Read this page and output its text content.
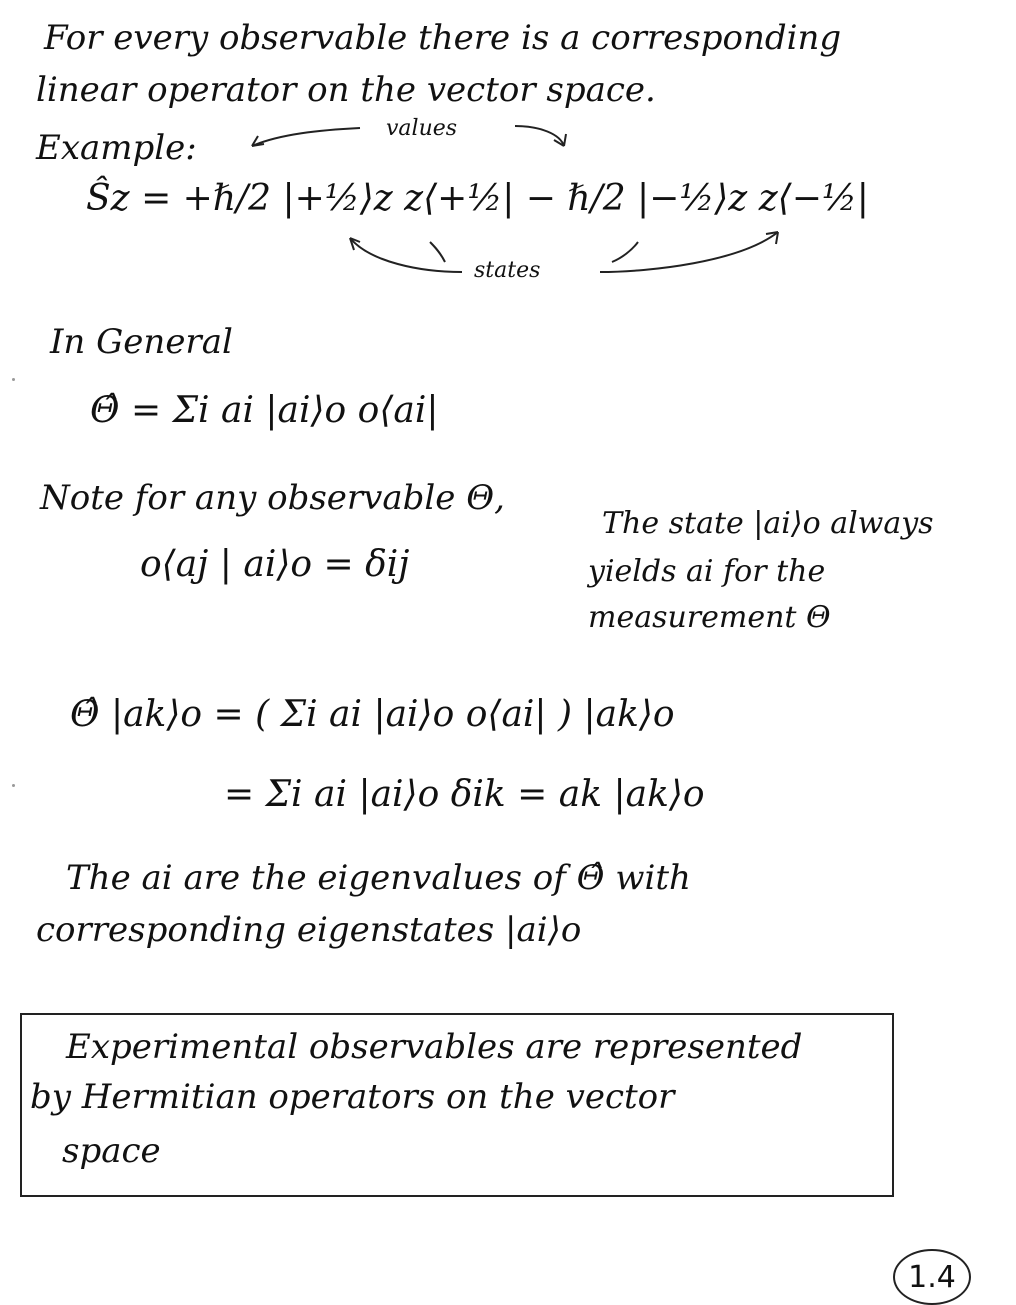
For every observable there is a corresponding
linear operator on the vector space.
Example:	values
Ŝz = +ℏ/2 |+½⟩z z⟨+½| − ℏ/2 |−½⟩z z⟨−½|
states
In General
Θ̂ = Σi ai |ai⟩o o⟨ai|
Note for any observable Θ,
o⟨aj | ai⟩o = δij
The state |ai⟩o always
yields ai for the
measurement Θ
Θ̂ |ak⟩o = ( Σi ai |ai⟩o o⟨ai| ) |ak⟩o
= Σi ai |ai⟩o δik = ak |ak⟩o
The ai are the eigenvalues of Θ̂ with
corresponding eigenstates |ai⟩o
Experimental observables are represented
by Hermitian operators on the vector
space
1.4
